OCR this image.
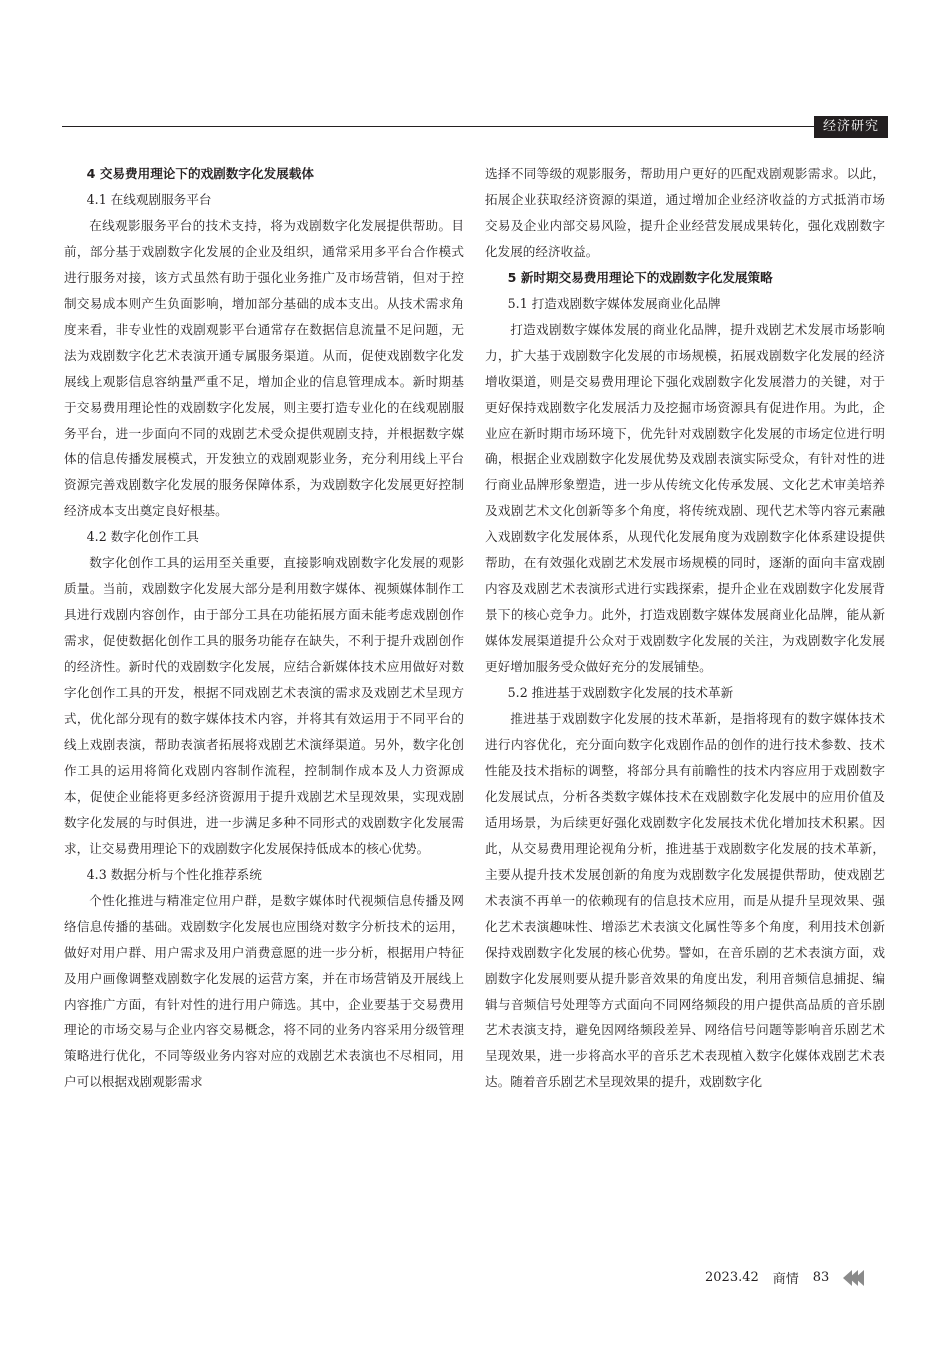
经济研究
4 交易费用理论下的戏剧数字化发展载体
4.1 在线观剧服务平台

在线观影服务平台的技术支持，将为戏剧数字化发展提供帮助。目前，部分基于戏剧数字化发展的企业及组织，通常采用多平台合作模式进行服务对接，该方式虽然有助于强化业务推广及市场营销，但对于控制交易成本则产生负面影响，增加部分基础的成本支出。从技术需求角度来看，非专业性的戏剧观影平台通常存在数据信息流量不足问题，无法为戏剧数字化艺术表演开通专属服务渠道。从而，促使戏剧数字化发展线上观影信息容纳量严重不足，增加企业的信息管理成本。新时期基于交易费用理论性的戏剧数字化发展，则主要打造专业化的在线观剧服务平台，进一步面向不同的戏剧艺术受众提供观剧支持，并根据数字媒体的信息传播发展模式，开发独立的戏剧观影业务，充分利用线上平台资源完善戏剧数字化发展的服务保障体系，为戏剧数字化发展更好控制经济成本支出奠定良好根基。

4.2 数字化创作工具

数字化创作工具的运用至关重要，直接影响戏剧数字化发展的观影质量。当前，戏剧数字化发展大部分是利用数字媒体、视频媒体制作工具进行戏剧内容创作，由于部分工具在功能拓展方面未能考虑戏剧创作需求，促使数据化创作工具的服务功能存在缺失，不利于提升戏剧创作的经济性。新时代的戏剧数字化发展，应结合新媒体技术应用做好对数字化创作工具的开发，根据不同戏剧艺术表演的需求及戏剧艺术呈现方式，优化部分现有的数字媒体技术内容，并将其有效运用于不同平台的线上戏剧表演，帮助表演者拓展将戏剧艺术演绎渠道。另外，数字化创作工具的运用将简化戏剧内容制作流程，控制制作成本及人力资源成本，促使企业能将更多经济资源用于提升戏剧艺术呈现效果，实现戏剧数字化发展的与时俱进，进一步满足多种不同形式的戏剧数字化发展需求，让交易费用理论下的戏剧数字化发展保持低成本的核心优势。

4.3 数据分析与个性化推荐系统

个性化推进与精准定位用户群，是数字媒体时代视频信息传播及网络信息传播的基础。戏剧数字化发展也应围绕对数字分析技术的运用，做好对用户群、用户需求及用户消费意愿的进一步分析，根据用户特征及用户画像调整戏剧数字化发展的运营方案，并在市场营销及开展线上内容推广方面，有针对性的进行用户筛选。其中，企业要基于交易费用理论的市场交易与企业内容交易概念，将不同的业务内容采用分级管理策略进行优化，不同等级业务内容对应的戏剧艺术表演也不尽相同，用户可以根据戏剧观影需求

选择不同等级的观影服务，帮助用户更好的匹配戏剧观影需求。以此，拓展企业获取经济资源的渠道，通过增加企业经济收益的方式抵消市场交易及企业内部交易风险，提升企业经营发展成果转化，强化戏剧数字化发展的经济收益。

5 新时期交易费用理论下的戏剧数字化发展策略
5.1 打造戏剧数字媒体发展商业化品牌

打造戏剧数字媒体发展的商业化品牌，提升戏剧艺术发展市场影响力，扩大基于戏剧数字化发展的市场规模，拓展戏剧数字化发展的经济增收渠道，则是交易费用理论下强化戏剧数字化发展潜力的关键，对于更好保持戏剧数字化发展活力及挖掘市场资源具有促进作用。为此，企业应在新时期市场环境下，优先针对戏剧数字化发展的市场定位进行明确，根据企业戏剧数字化发展优势及戏剧表演实际受众，有针对性的进行商业品牌形象塑造，进一步从传统文化传承发展、文化艺术审美培养及戏剧艺术文化创新等多个角度，将传统戏剧、现代艺术等内容元素融入戏剧数字化发展体系，从现代化发展角度为戏剧数字化体系建设提供帮助，在有效强化戏剧艺术发展市场规模的同时，逐渐的面向丰富戏剧内容及戏剧艺术表演形式进行实践探索，提升企业在戏剧数字化发展背景下的核心竞争力。此外，打造戏剧数字媒体发展商业化品牌，能从新媒体发展渠道提升公众对于戏剧数字化发展的关注，为戏剧数字化发展更好增加服务受众做好充分的发展铺垫。

5.2 推进基于戏剧数字化发展的技术革新

推进基于戏剧数字化发展的技术革新，是指将现有的数字媒体技术进行内容优化，充分面向数字化戏剧作品的创作的进行技术参数、技术性能及技术指标的调整，将部分具有前瞻性的技术内容应用于戏剧数字化发展试点，分析各类数字媒体技术在戏剧数字化发展中的应用价值及适用场景，为后续更好强化戏剧数字化发展技术优化增加技术积累。因此，从交易费用理论视角分析，推进基于戏剧数字化发展的技术革新，主要从提升技术发展创新的角度为戏剧数字化发展提供帮助，使戏剧艺术表演不再单一的依赖现有的信息技术应用，而是从提升呈现效果、强化艺术表演趣味性、增添艺术表演文化属性等多个角度，利用技术创新保持戏剧数字化发展的核心优势。譬如，在音乐剧的艺术表演方面，戏剧数字化发展则要从提升影音效果的角度出发，利用音频信息捕捉、编辑与音频信号处理等方式面向不同网络频段的用户提供高品质的音乐剧艺术表演支持，避免因网络频段差异、网络信号问题等影响音乐剧艺术呈现效果，进一步将高水平的音乐艺术表现植入数字化媒体戏剧艺术表达。随着音乐剧艺术呈现效果的提升，戏剧数字化

2023.42 商情 83
